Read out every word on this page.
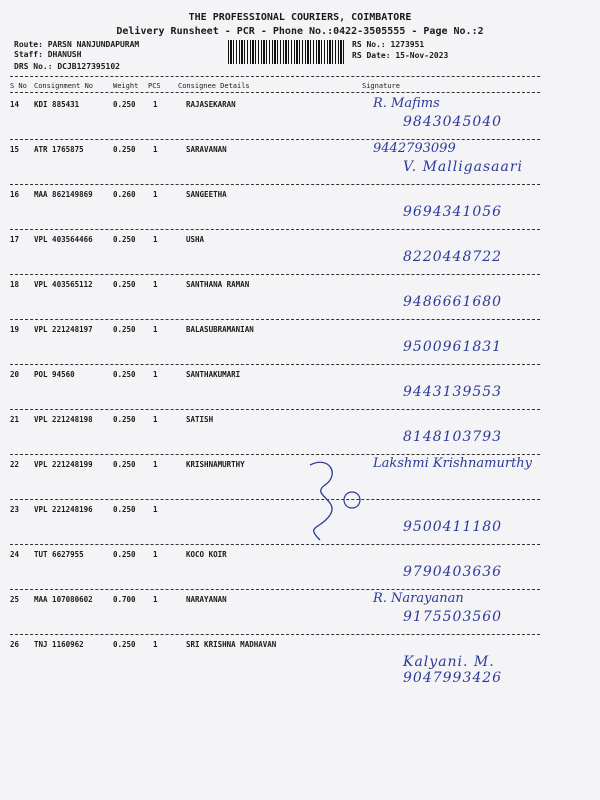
THE PROFESSIONAL COURIERS, COIMBATORE
Delivery Runsheet - PCR - Phone No.:0422-3505555 - Page No.:2
Route: PARSN NANJUNDAPURAM
Staff: DHANUSH
DRS No.: DCJB127395102
RS No.: 1273951
RS Date: 15-Nov-2023
S No Consignment No	Weight PCS Consignee Details	Signature
14 KDI 885431	0.250 1	RAJASEKARAN	R. Mafims
9843045040
15 ATR 1765875	0.250 1	SARAVANAN	9442793099
V. Malligasaari
16 MAA 862149869	0.260 1	SANGEETHA
9694341056
17 VPL 403564466	0.250 1	USHA
8220448722
18 VPL 403565112	0.250 1	SANTHANA RAMAN
9486661680
19 VPL 221248197	0.250 1	BALASUBRAMANIAN
9500961831
20 POL 94560	0.250 1	SANTHAKUMARI
9443139553
21 VPL 221248198	0.250 1	SATISH
8148103793
22 VPL 221248199	0.250 1	KRISHNAMURTHY	Lakshmi Krishnamurthy
23 VPL 221248196	0.250 1
9500411180
24 TUT 6627955	0.250 1	KOCO KOIR
9790403636
25 MAA 107080602	0.700 1	NARAYANAN	R. Narayanan
9175503560
26 TNJ 1160962	0.250 1	SRI KRISHNA MADHAVAN
Kalyani. M. 9047993426
